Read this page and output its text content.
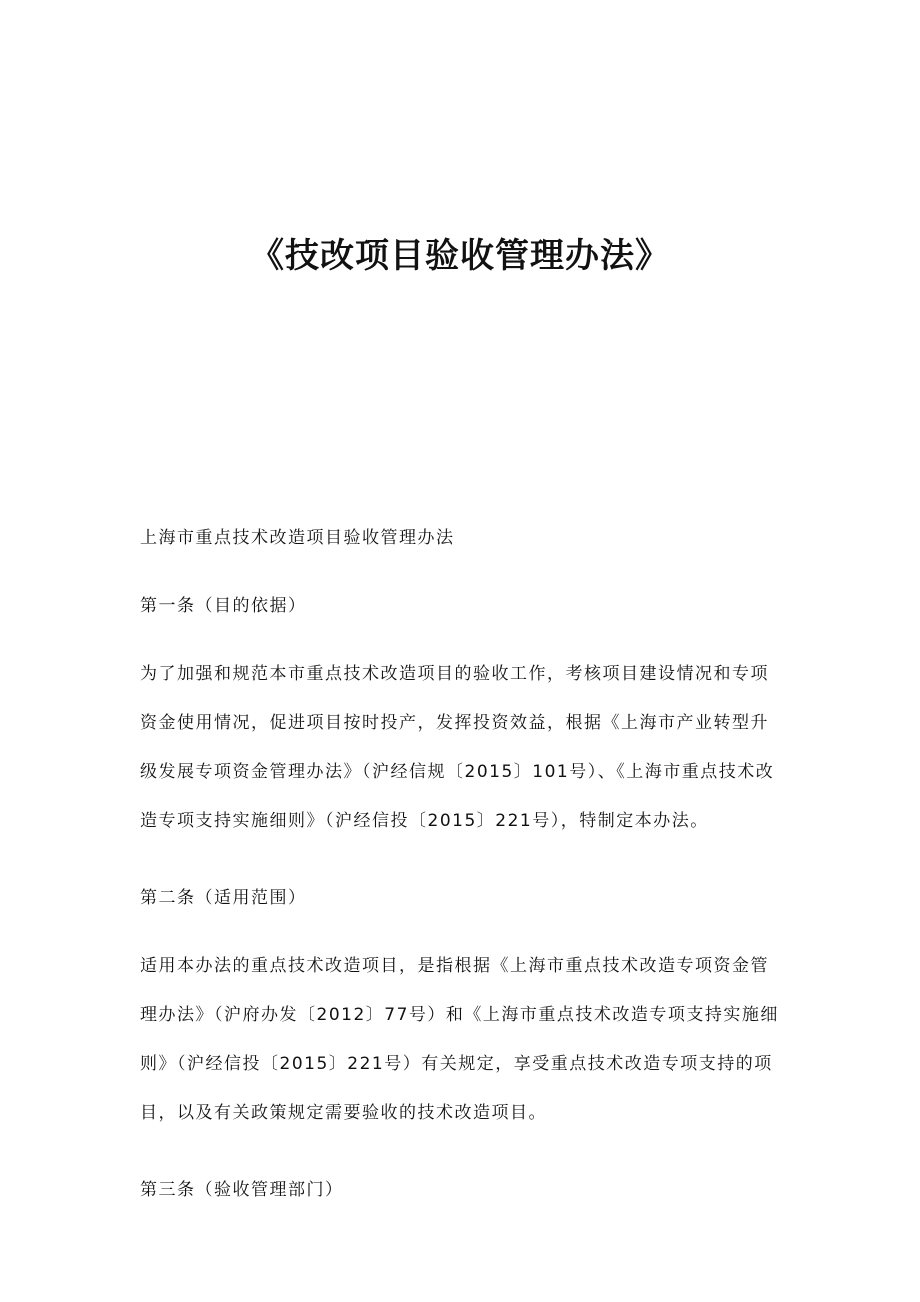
《技改项目验收管理办法》

上海市重点技术改造项目验收管理办法

第一条（目的依据）

为了加强和规范本市重点技术改造项目的验收工作，考核项目建设情况和专项资金使用情况，促进项目按时投产，发挥投资效益，根据《上海市产业转型升级发展专项资金管理办法》（沪经信规〔2015〕101号）、《上海市重点技术改造专项支持实施细则》（沪经信投〔2015〕221号），特制定本办法。

第二条（适用范围）

适用本办法的重点技术改造项目，是指根据《上海市重点技术改造专项资金管理办法》（沪府办发〔2012〕77号）和《上海市重点技术改造专项支持实施细则》（沪经信投〔2015〕221号）有关规定，享受重点技术改造专项支持的项目，以及有关政策规定需要验收的技术改造项目。

第三条（验收管理部门）
